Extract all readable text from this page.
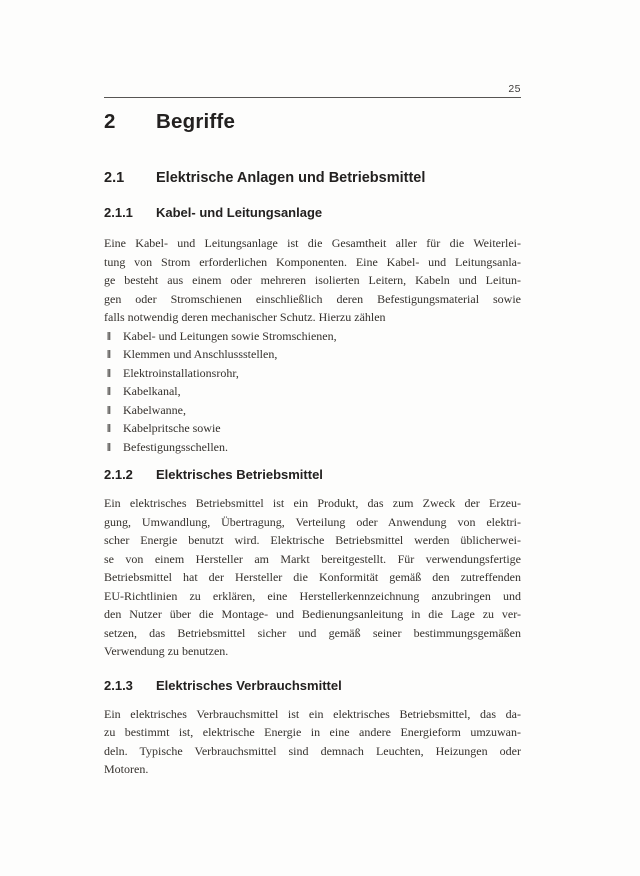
25
2 Begriffe
2.1 Elektrische Anlagen und Betriebsmittel
2.1.1 Kabel- und Leitungsanlage
Eine Kabel- und Leitungsanlage ist die Gesamtheit aller für die Weiterlei-
tung von Strom erforderlichen Komponenten. Eine Kabel- und Leitungsanla-
ge besteht aus einem oder mehreren isolierten Leitern, Kabeln und Leitun-
gen oder Stromschienen einschließlich deren Befestigungsmaterial sowie
falls notwendig deren mechanischer Schutz. Hierzu zählen
‖ Kabel- und Leitungen sowie Stromschienen,
‖ Klemmen und Anschlussstellen,
‖ Elektroinstallationsrohr,
‖ Kabelkanal,
‖ Kabelwanne,
‖ Kabelpritsche sowie
‖ Befestigungsschellen.
2.1.2 Elektrisches Betriebsmittel
Ein elektrisches Betriebsmittel ist ein Produkt, das zum Zweck der Erzeu-
gung, Umwandlung, Übertragung, Verteilung oder Anwendung von elektri-
scher Energie benutzt wird. Elektrische Betriebsmittel werden üblicherwei-
se von einem Hersteller am Markt bereitgestellt. Für verwendungsfertige
Betriebsmittel hat der Hersteller die Konformität gemäß den zutreffenden
EU-Richtlinien zu erklären, eine Herstellerkennzeichnung anzubringen und
den Nutzer über die Montage- und Bedienungsanleitung in die Lage zu ver-
setzen, das Betriebsmittel sicher und gemäß seiner bestimmungsgemäßen
Verwendung zu benutzen.
2.1.3 Elektrisches Verbrauchsmittel
Ein elektrisches Verbrauchsmittel ist ein elektrisches Betriebsmittel, das da-
zu bestimmt ist, elektrische Energie in eine andere Energieform umzuwan-
deln. Typische Verbrauchsmittel sind demnach Leuchten, Heizungen oder
Motoren.
